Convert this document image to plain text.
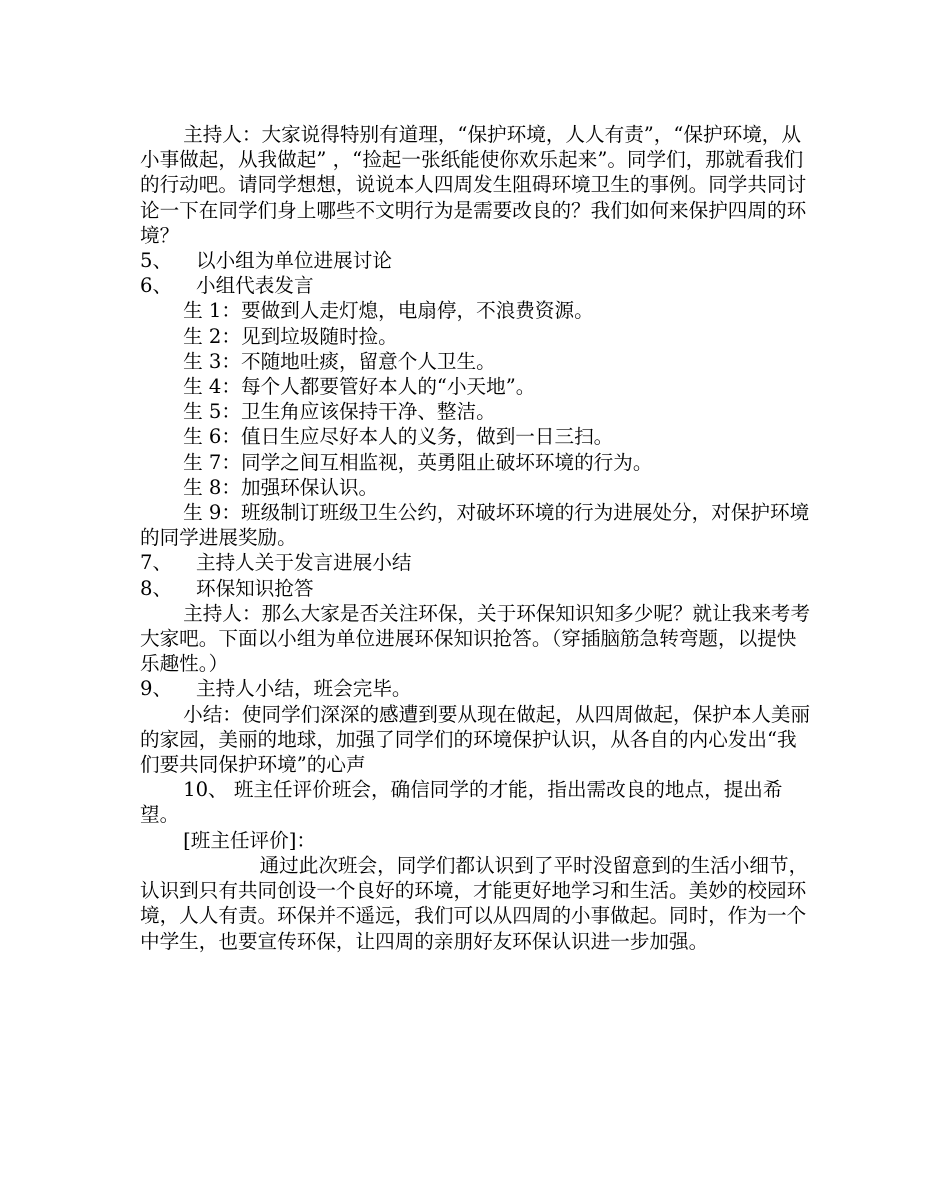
主持人：大家说得特别有道理，“保护环境，人人有责”，“保护环境，从小事做起，从我做起” ，“捡起一张纸能使你欢乐起来”。同学们，那就看我们的行动吧。请同学想想，说说本人四周发生阻碍环境卫生的事例。同学共同讨论一下在同学们身上哪些不文明行为是需要改良的？我们如何来保护四周的环境？

5、 以小组为单位进展讨论

6、 小组代表发言

生 1：要做到人走灯熄，电扇停，不浪费资源。

生 2：见到垃圾随时捡。

生 3：不随地吐痰，留意个人卫生。

生 4：每个人都要管好本人的“小天地”。

生 5：卫生角应该保持干净、整洁。

生 6：值日生应尽好本人的义务，做到一日三扫。

生 7：同学之间互相监视，英勇阻止破坏环境的行为。

生 8：加强环保认识。

生 9：班级制订班级卫生公约，对破坏环境的行为进展处分，对保护环境的同学进展奖励。

7、 主持人关于发言进展小结

8、 环保知识抢答

主持人：那么大家是否关注环保，关于环保知识知多少呢？就让我来考考大家吧。下面以小组为单位进展环保知识抢答。（穿插脑筋急转弯题，以提快乐趣性。）

9、 主持人小结，班会完毕。

小结：使同学们深深的感遭到要从现在做起，从四周做起，保护本人美丽的家园，美丽的地球，加强了同学们的环境保护认识，从各自的内心发出“我们要共同保护环境”的心声

10、 班主任评价班会，确信同学的才能，指出需改良的地点，提出希望。

[班主任评价]：

通过此次班会，同学们都认识到了平时没留意到的生活小细节，认识到只有共同创设一个良好的环境，才能更好地学习和生活。美妙的校园环境，人人有责。环保并不遥远，我们可以从四周的小事做起。同时，作为一个中学生，也要宣传环保，让四周的亲朋好友环保认识进一步加强。
